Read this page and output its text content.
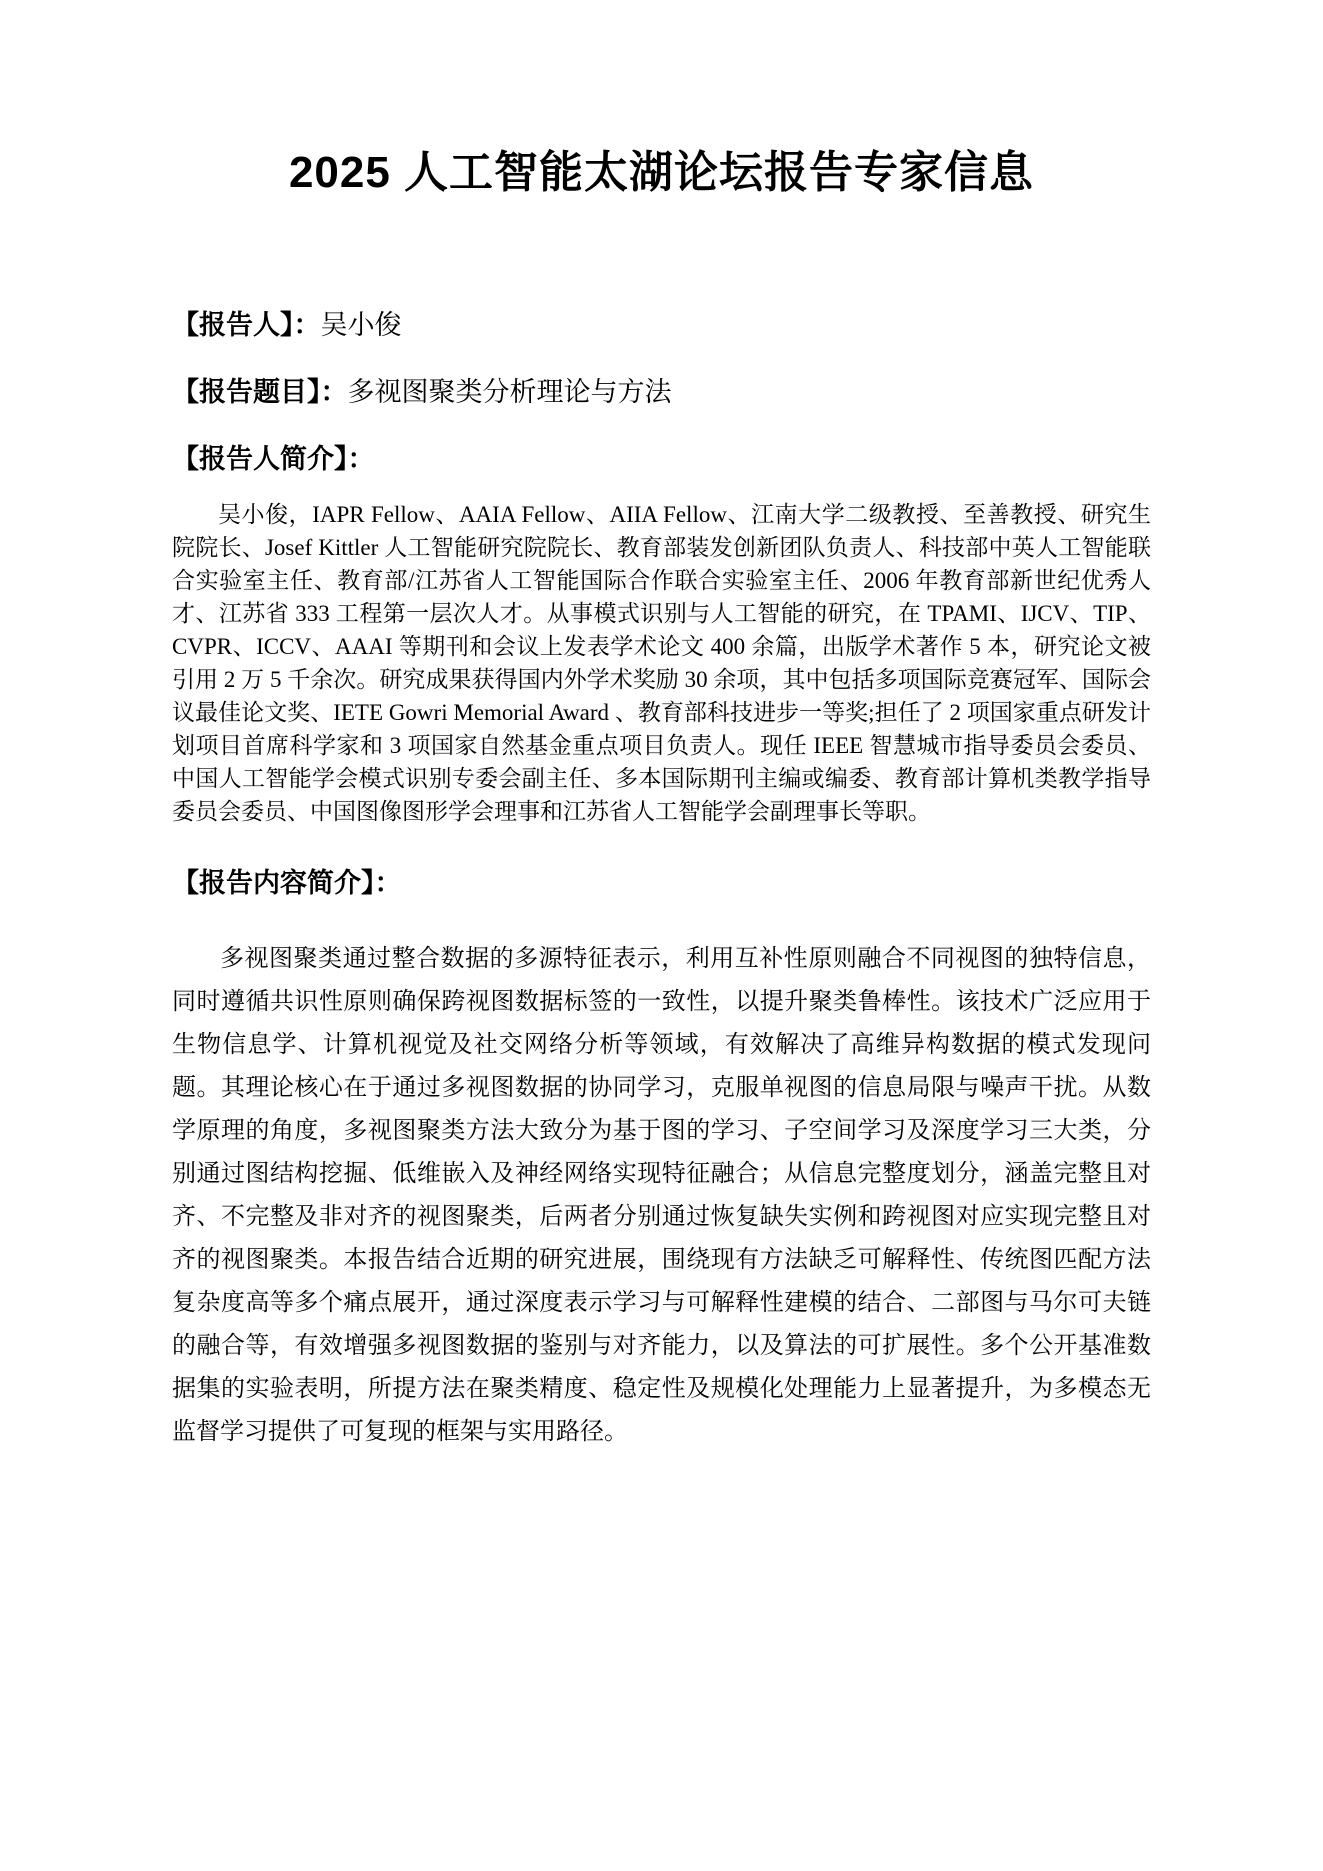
2025 人工智能太湖论坛报告专家信息
【报告人】：吴小俊
【报告题目】：多视图聚类分析理论与方法
【报告人简介】：

吴小俊，IAPR Fellow、AAIA Fellow、AIIA Fellow、江南大学二级教授、至善教授、研究生院院长、Josef Kittler 人工智能研究院院长、教育部装发创新团队负责人、科技部中英人工智能联合实验室主任、教育部/江苏省人工智能国际合作联合实验室主任、2006 年教育部新世纪优秀人才、江苏省 333 工程第一层次人才。从事模式识别与人工智能的研究，在 TPAMI、IJCV、TIP、CVPR、ICCV、AAAI 等期刊和会议上发表学术论文 400 余篇，出版学术著作 5 本，研究论文被引用 2 万 5 千余次。研究成果获得国内外学术奖励 30 余项，其中包括多项国际竞赛冠军、国际会议最佳论文奖、IETE Gowri Memorial Award 、教育部科技进步一等奖;担任了 2 项国家重点研发计划项目首席科学家和 3 项国家自然基金重点项目负责人。现任 IEEE 智慧城市指导委员会委员、中国人工智能学会模式识别专委会副主任、多本国际期刊主编或编委、教育部计算机类教学指导委员会委员、中国图像图形学会理事和江苏省人工智能学会副理事长等职。

【报告内容简介】：

多视图聚类通过整合数据的多源特征表示，利用互补性原则融合不同视图的独特信息，同时遵循共识性原则确保跨视图数据标签的一致性，以提升聚类鲁棒性。该技术广泛应用于生物信息学、计算机视觉及社交网络分析等领域，有效解决了高维异构数据的模式发现问题。其理论核心在于通过多视图数据的协同学习，克服单视图的信息局限与噪声干扰。从数学原理的角度，多视图聚类方法大致分为基于图的学习、子空间学习及深度学习三大类，分别通过图结构挖掘、低维嵌入及神经网络实现特征融合；从信息完整度划分，涵盖完整且对齐、不完整及非对齐的视图聚类，后两者分别通过恢复缺失实例和跨视图对应实现完整且对齐的视图聚类。本报告结合近期的研究进展，围绕现有方法缺乏可解释性、传统图匹配方法复杂度高等多个痛点展开，通过深度表示学习与可解释性建模的结合、二部图与马尔可夫链的融合等，有效增强多视图数据的鉴别与对齐能力，以及算法的可扩展性。多个公开基准数据集的实验表明，所提方法在聚类精度、稳定性及规模化处理能力上显著提升，为多模态无监督学习提供了可复现的框架与实用路径。
